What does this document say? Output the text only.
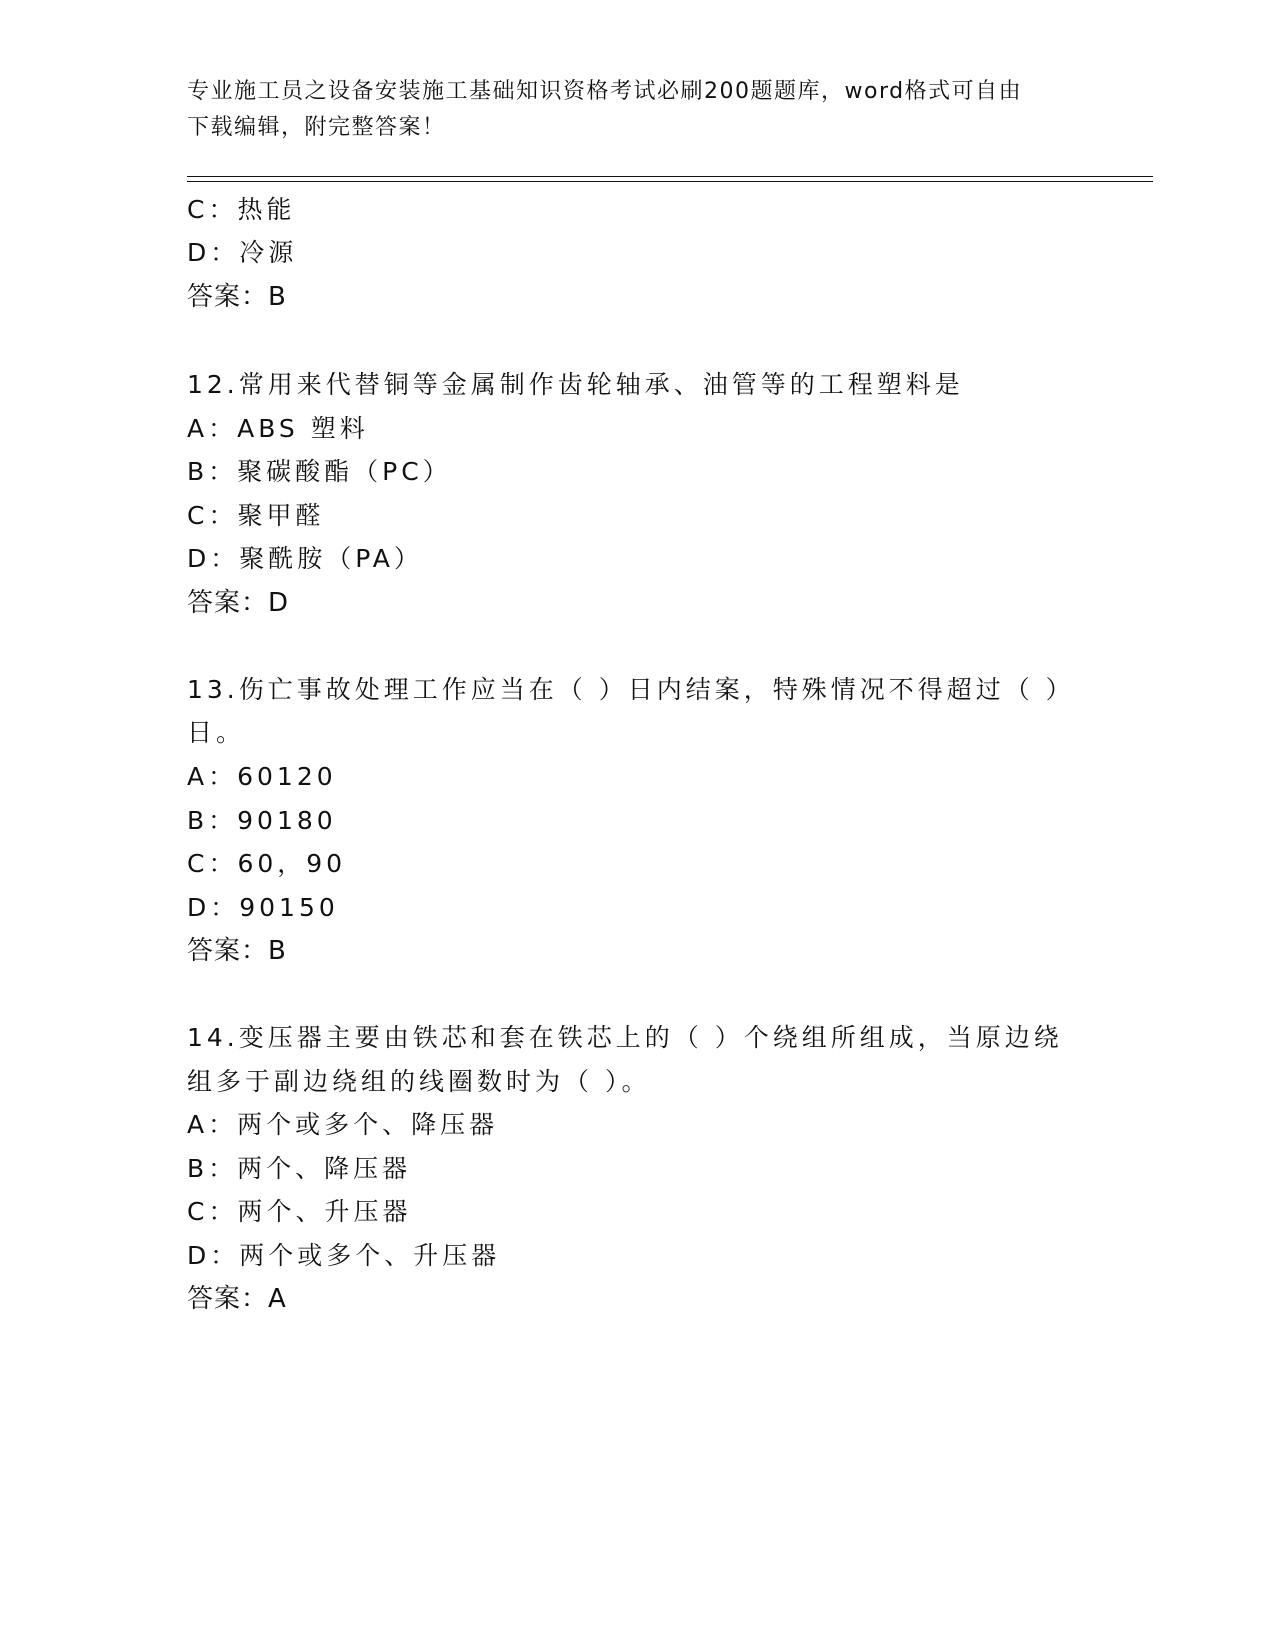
专业施工员之设备安装施工基础知识资格考试必刷200题题库，word格式可自由
下载编辑，附完整答案！
C：热能
D：冷源
答案：B
12.常用来代替铜等金属制作齿轮轴承、油管等的工程塑料是
A：ABS 塑料
B：聚碳酸酯（PC）
C：聚甲醛
D：聚酰胺（PA）
答案：D
13.伤亡事故处理工作应当在（ ）日内结案，特殊情况不得超过（ ）
日。
A：60120
B：90180
C：60，90
D：90150
答案：B
14.变压器主要由铁芯和套在铁芯上的（ ）个绕组所组成，当原边绕
组多于副边绕组的线圈数时为（ ）。
A：两个或多个、降压器
B：两个、降压器
C：两个、升压器
D：两个或多个、升压器
答案：A
